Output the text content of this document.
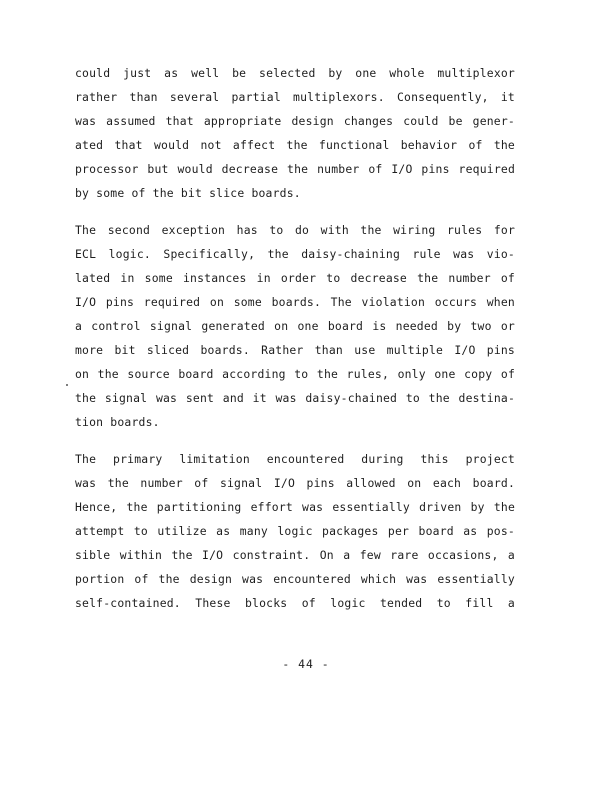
could just as well be selected by one whole multiplexor
rather than several partial multiplexors. Consequently, it
was assumed that appropriate design changes could be gener-
ated that would not affect the functional behavior of the
processor but would decrease the number of I/O pins required
by some of the bit slice boards.
The second exception has to do with the wiring rules for
ECL logic. Specifically, the daisy-chaining rule was vio-
lated in some instances in order to decrease the number of
I/O pins required on some boards. The violation occurs when
a control signal generated on one board is needed by two or
more bit sliced boards. Rather than use multiple I/O pins
on the source board according to the rules, only one copy of
the signal was sent and it was daisy-chained to the destina-
tion boards.
The primary limitation encountered during this project
was the number of signal I/O pins allowed on each board.
Hence, the partitioning effort was essentially driven by the
attempt to utilize as many logic packages per board as pos-
sible within the I/O constraint. On a few rare occasions, a
portion of the design was encountered which was essentially
self-contained. These blocks of logic tended to fill a
- 44 -
